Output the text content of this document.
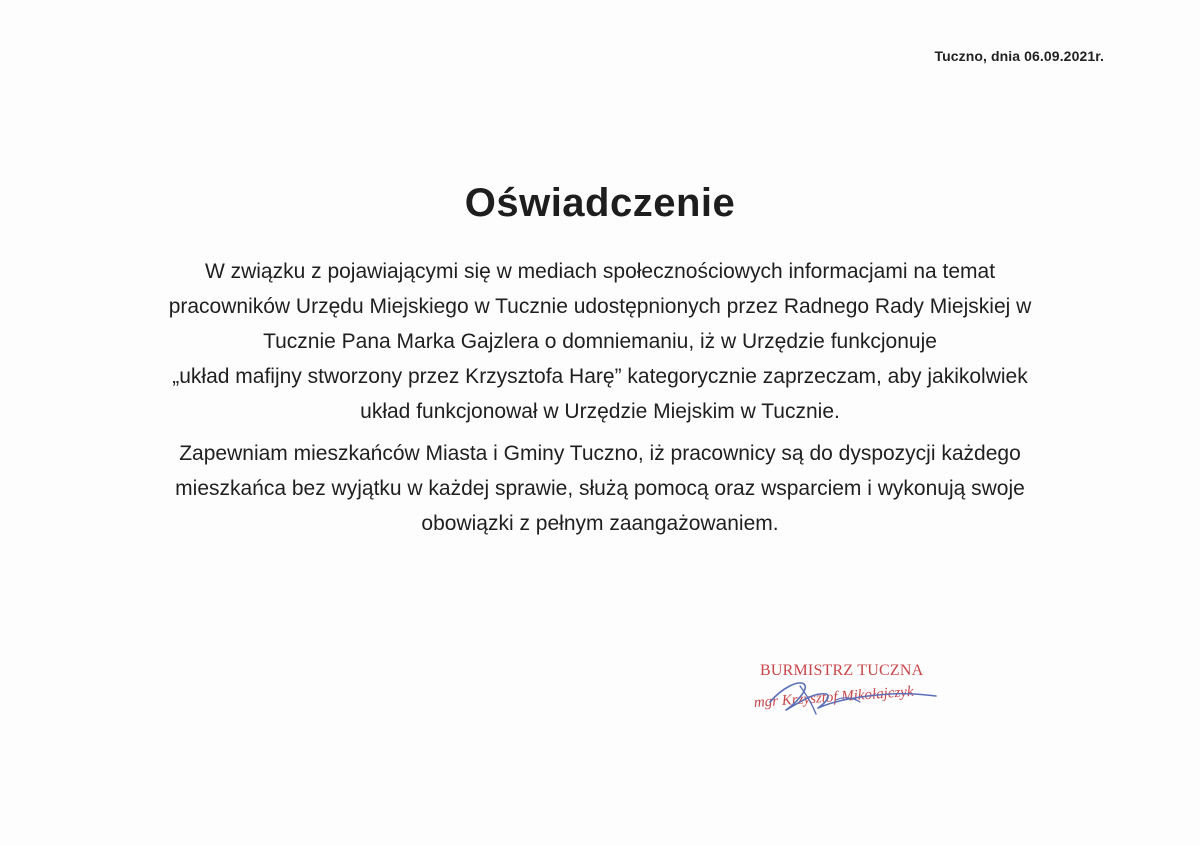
Tuczno, dnia 06.09.2021r.
Oświadczenie
W związku z pojawiającymi się w mediach społecznościowych informacjami na temat
pracowników Urzędu Miejskiego w Tucznie udostępnionych przez Radnego Rady Miejskiej w
Tucznie Pana Marka Gajzlera o domniemaniu, iż w Urzędzie funkcjonuje
„układ mafijny stworzony przez Krzysztofa Harę” kategorycznie zaprzeczam, aby jakikolwiek
układ funkcjonował w Urzędzie Miejskim w Tucznie.
Zapewniam mieszkańców Miasta i Gminy Tuczno, iż pracownicy są do dyspozycji każdego
mieszkańca bez wyjątku w każdej sprawie, służą pomocą oraz wsparciem i wykonują swoje
obowiązki z pełnym zaangażowaniem.
BURMISTRZ TUCZNA
mgr Krzysztof Mikołajczyk
